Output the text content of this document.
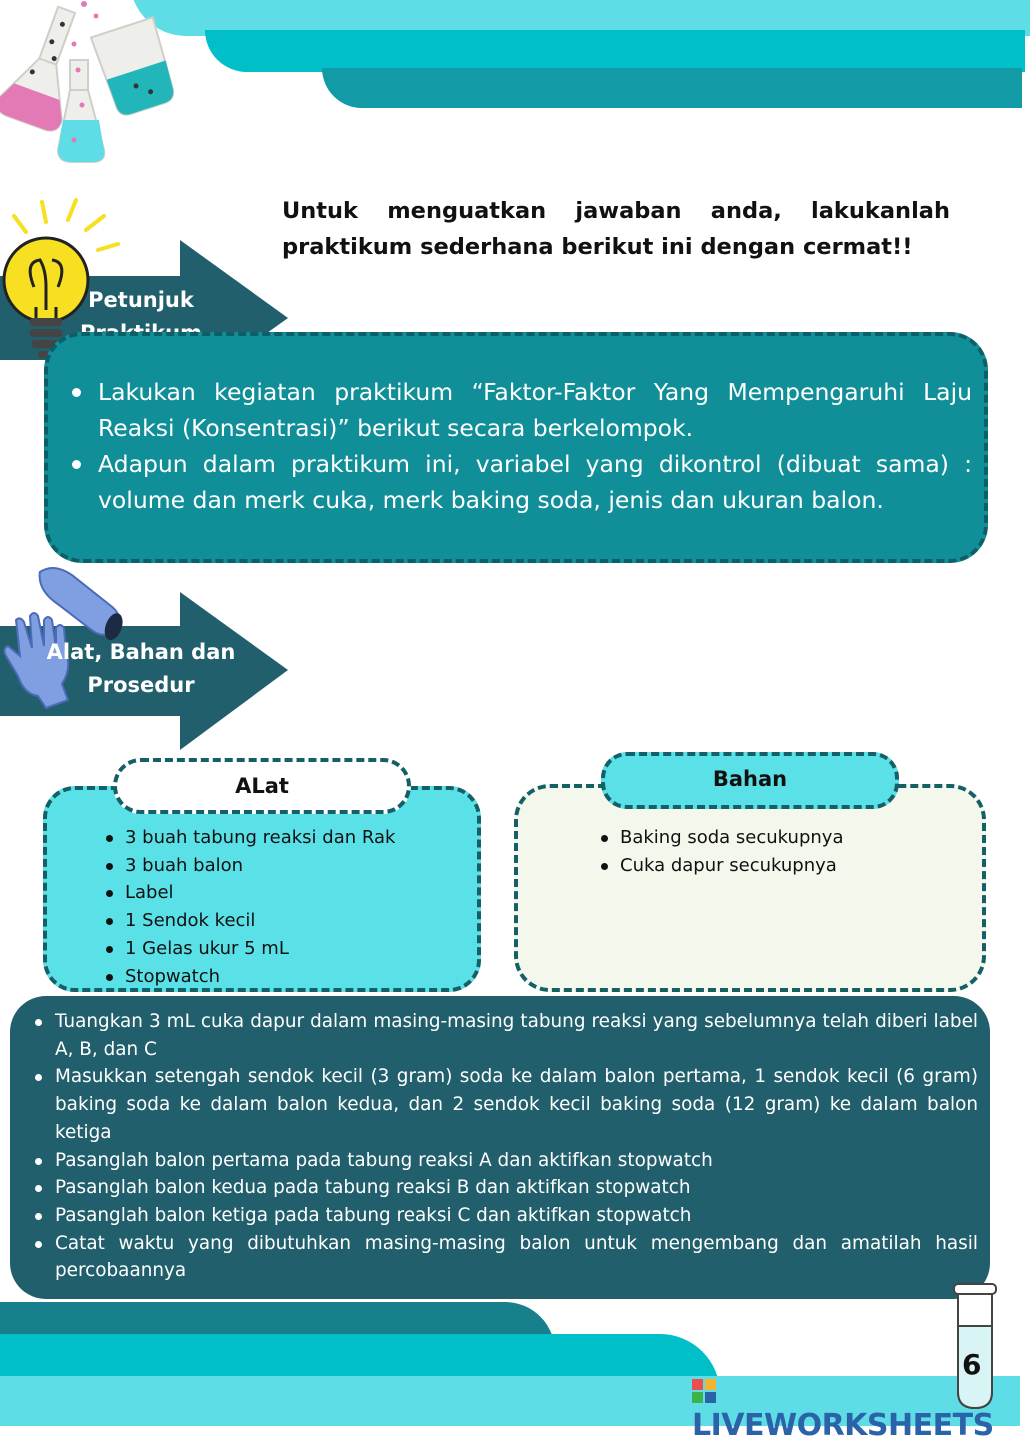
Untuk menguatkan jawaban anda, lakukanlah praktikum sederhana berikut ini dengan cermat!!
Petunjuk
Lakukan kegiatan praktikum “Faktor-Faktor Yang Mempengaruhi Laju Reaksi (Konsentrasi)” berikut secara berkelompok.
Adapun dalam praktikum ini, variabel yang dikontrol (dibuat sama) : volume dan merk cuka, merk baking soda, jenis dan ukuran balon.
Alat, Bahan dan
Prosedur
3 buah tabung reaksi dan Rak
3 buah balon
Label
1 Sendok kecil
1 Gelas ukur 5 mL
Stopwatch
ALat
Baking soda secukupnya
Cuka dapur secukupnya
Bahan
Tuangkan 3 mL cuka dapur dalam masing-masing tabung reaksi yang sebelumnya telah diberi label A, B, dan C
Masukkan setengah sendok kecil (3 gram) soda ke dalam balon pertama, 1 sendok kecil (6 gram) baking soda ke dalam balon kedua, dan 2 sendok kecil baking soda (12 gram) ke dalam balon ketiga
Pasanglah balon pertama pada tabung reaksi A dan aktifkan stopwatch
Pasanglah balon kedua pada tabung reaksi B dan aktifkan stopwatch
Pasanglah balon ketiga pada tabung reaksi C dan aktifkan stopwatch
Catat waktu yang dibutuhkan masing-masing balon untuk mengembang dan amatilah hasil percobaannya
6
LIVEWORKSHEETS
